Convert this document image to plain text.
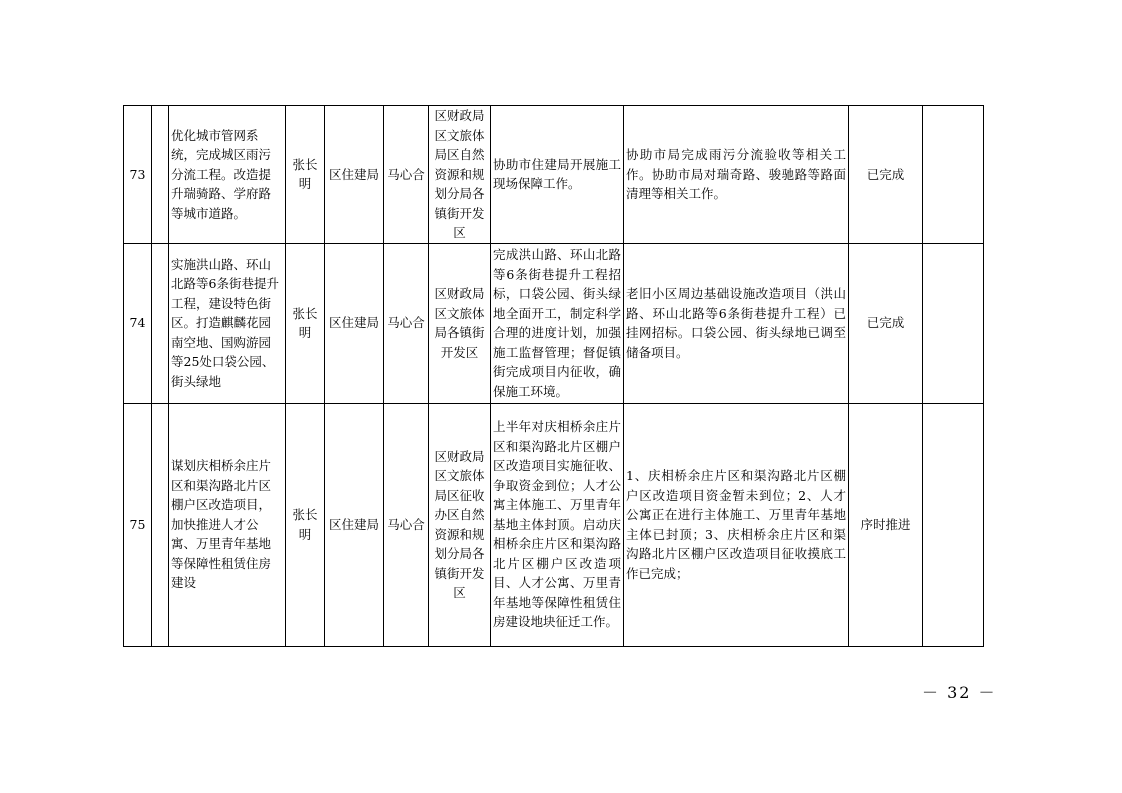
73		优化城市管网系统，完成城区雨污分流工程。改造提升瑞骑路、学府路等城市道路。	张长明	区住建局	马心合	区财政局区文旅体局区自然资源和规划分局各镇街开发区	协助市住建局开展施工现场保障工作。	协助市局完成雨污分流验收等相关工作。协助市局对瑞奇路、骏驰路等路面清理等相关工作。	已完成	
74		实施洪山路、环山北路等6条街巷提升工程，建设特色街区。打造麒麟花园南空地、国购游园等25处口袋公园、街头绿地	张长明	区住建局	马心合	区财政局区文旅体局各镇街开发区	完成洪山路、环山北路等6条街巷提升工程招标，口袋公园、街头绿地全面开工，制定科学合理的进度计划，加强施工监督管理；督促镇街完成项目内征收，确保施工环境。	老旧小区周边基础设施改造项目（洪山路、环山北路等6条街巷提升工程）已挂网招标。口袋公园、街头绿地已调至储备项目。	已完成	
75		谋划庆相桥余庄片区和渠沟路北片区棚户区改造项目，加快推进人才公寓、万里青年基地等保障性租赁住房建设	张长明	区住建局	马心合	区财政局区文旅体局区征收办区自然资源和规划分局各镇街开发区	上半年对庆相桥余庄片区和渠沟路北片区棚户区改造项目实施征收、争取资金到位；人才公寓主体施工、万里青年基地主体封顶。启动庆相桥余庄片区和渠沟路北片区棚户区改造项目、人才公寓、万里青年基地等保障性租赁住房建设地块征迁工作。	1、庆相桥余庄片区和渠沟路北片区棚户区改造项目资金暂未到位；2、人才公寓正在进行主体施工、万里青年基地主体已封顶；3、庆相桥余庄片区和渠沟路北片区棚户区改造项目征收摸底工作已完成；	序时推进	
－ 32 －
